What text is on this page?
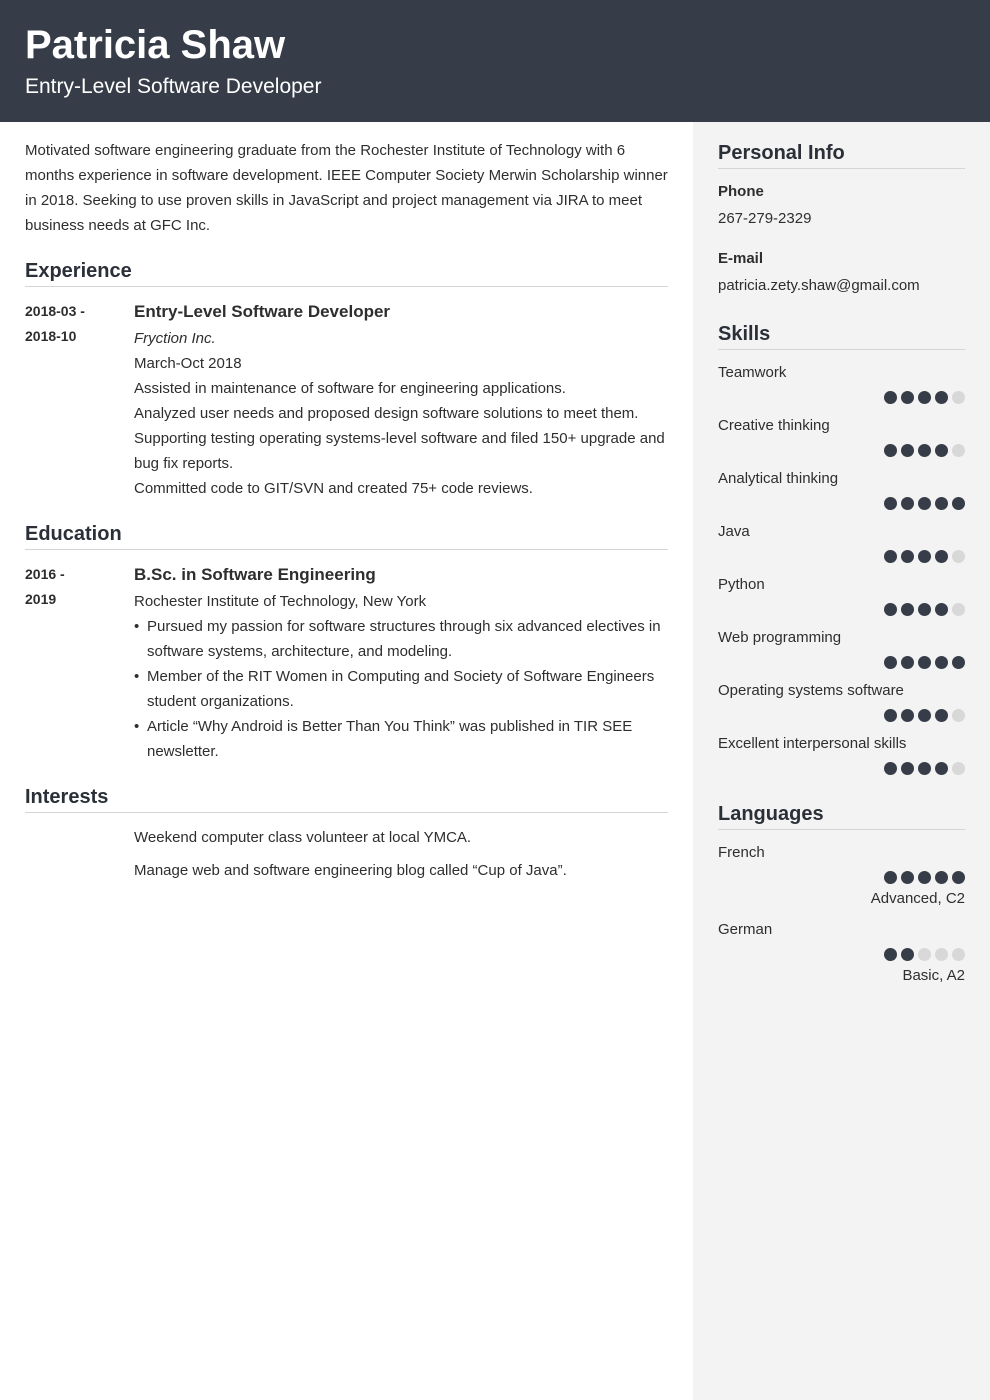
Patricia Shaw
Entry-Level Software Developer

Motivated software engineering graduate from the Rochester Institute of Technology with 6 months experience in software development. IEEE Computer Society Merwin Scholarship winner in 2018. Seeking to use proven skills in JavaScript and project management via JIRA to meet business needs at GFC Inc.

Experience
2018-03 -
2018-10
Entry-Level Software Developer
Fryction Inc.
March-Oct 2018
Assisted in maintenance of software for engineering applications.
Analyzed user needs and proposed design software solutions to meet them.
Supporting testing operating systems-level software and filed 150+ upgrade and bug fix reports.
Committed code to GIT/SVN and created 75+ code reviews.
Education
2016 -
2019
B.Sc. in Software Engineering
Rochester Institute of Technology, New York
• Pursued my passion for software structures through six advanced electives in software systems, architecture, and modeling.
• Member of the RIT Women in Computing and Society of Software Engineers student organizations.
• Article “Why Android is Better Than You Think” was published in TIR SEE newsletter.
Interests
Weekend computer class volunteer at local YMCA.
Manage web and software engineering blog called “Cup of Java”.
Personal Info
Phone
267-279-2329
E-mail
patricia.zety.shaw@gmail.com
Skills
Teamwork
Creative thinking
Analytical thinking
Java
Python
Web programming
Operating systems software
Excellent interpersonal skills
Languages
French
Advanced, C2
German
Basic, A2
